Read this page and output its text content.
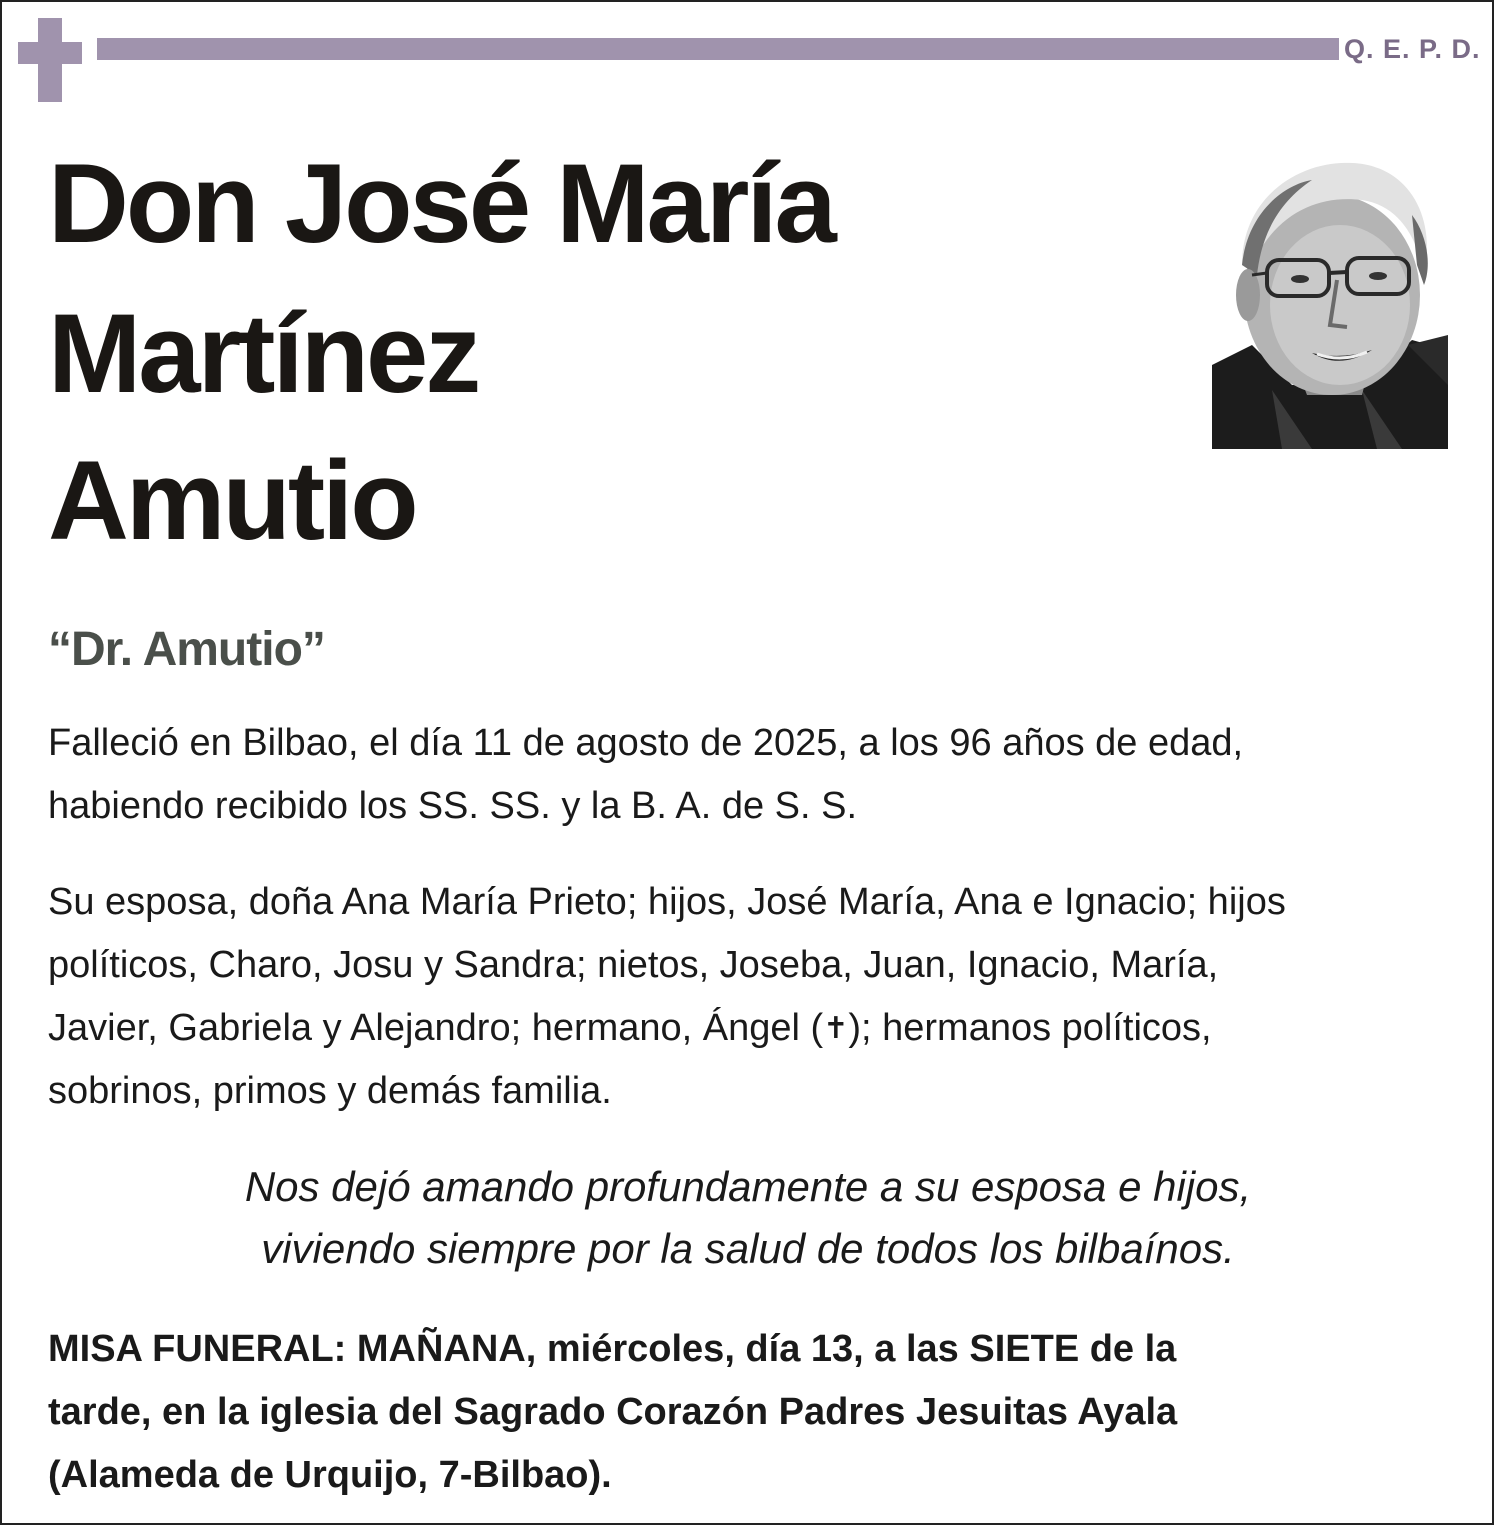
Q. E. P. D.
Don José María
Martínez
Amutio
“Dr. Amutio”

Falleció en Bilbao, el día 11 de agosto de 2025, a los 96 años de edad,

habiendo recibido los SS. SS. y la B. A. de S. S.

Su esposa, doña Ana María Prieto; hijos, José María, Ana e Ignacio; hijos

políticos, Charo, Josu y Sandra; nietos, Joseba, Juan, Ignacio, María,

Javier, Gabriela y Alejandro; hermano, Ángel (✝); hermanos políticos,

sobrinos, primos y demás familia.

Nos dejó amando profundamente a su esposa e hijos,

viviendo siempre por la salud de todos los bilbaínos.

MISA FUNERAL: MAÑANA, miércoles, día 13, a las SIETE de la

tarde, en la iglesia del Sagrado Corazón Padres Jesuitas Ayala

(Alameda de Urquijo, 7-Bilbao).
